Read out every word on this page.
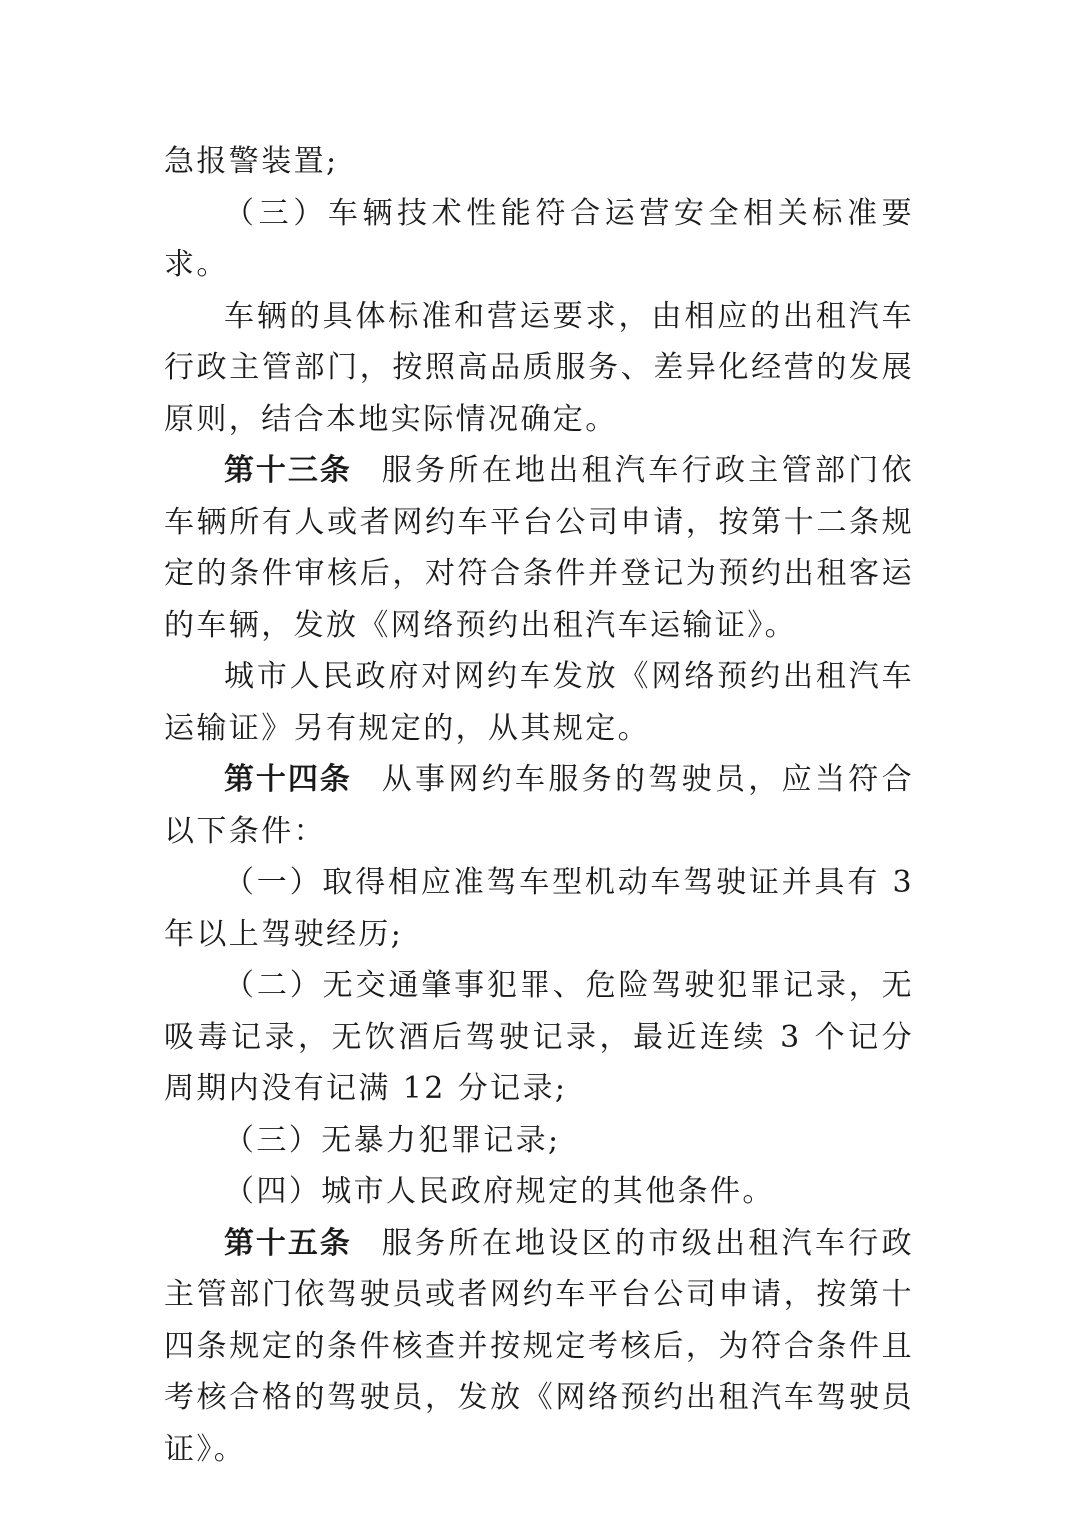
急报警装置;

（三）车辆技术性能符合运营安全相关标准要求。

车辆的具体标准和营运要求，由相应的出租汽车行政主管部门，按照高品质服务、差异化经营的发展原则，结合本地实际情况确定。

第十三条 服务所在地出租汽车行政主管部门依车辆所有人或者网约车平台公司申请，按第十二条规定的条件审核后，对符合条件并登记为预约出租客运的车辆，发放《网络预约出租汽车运输证》。

城市人民政府对网约车发放《网络预约出租汽车运输证》另有规定的，从其规定。

第十四条 从事网约车服务的驾驶员，应当符合以下条件：

（一）取得相应准驾车型机动车驾驶证并具有 3 年以上驾驶经历;

（二）无交通肇事犯罪、危险驾驶犯罪记录，无吸毒记录，无饮酒后驾驶记录，最近连续 3 个记分周期内没有记满 12 分记录;

（三）无暴力犯罪记录;

（四）城市人民政府规定的其他条件。

第十五条 服务所在地设区的市级出租汽车行政主管部门依驾驶员或者网约车平台公司申请，按第十四条规定的条件核查并按规定考核后，为符合条件且考核合格的驾驶员，发放《网络预约出租汽车驾驶员证》。
